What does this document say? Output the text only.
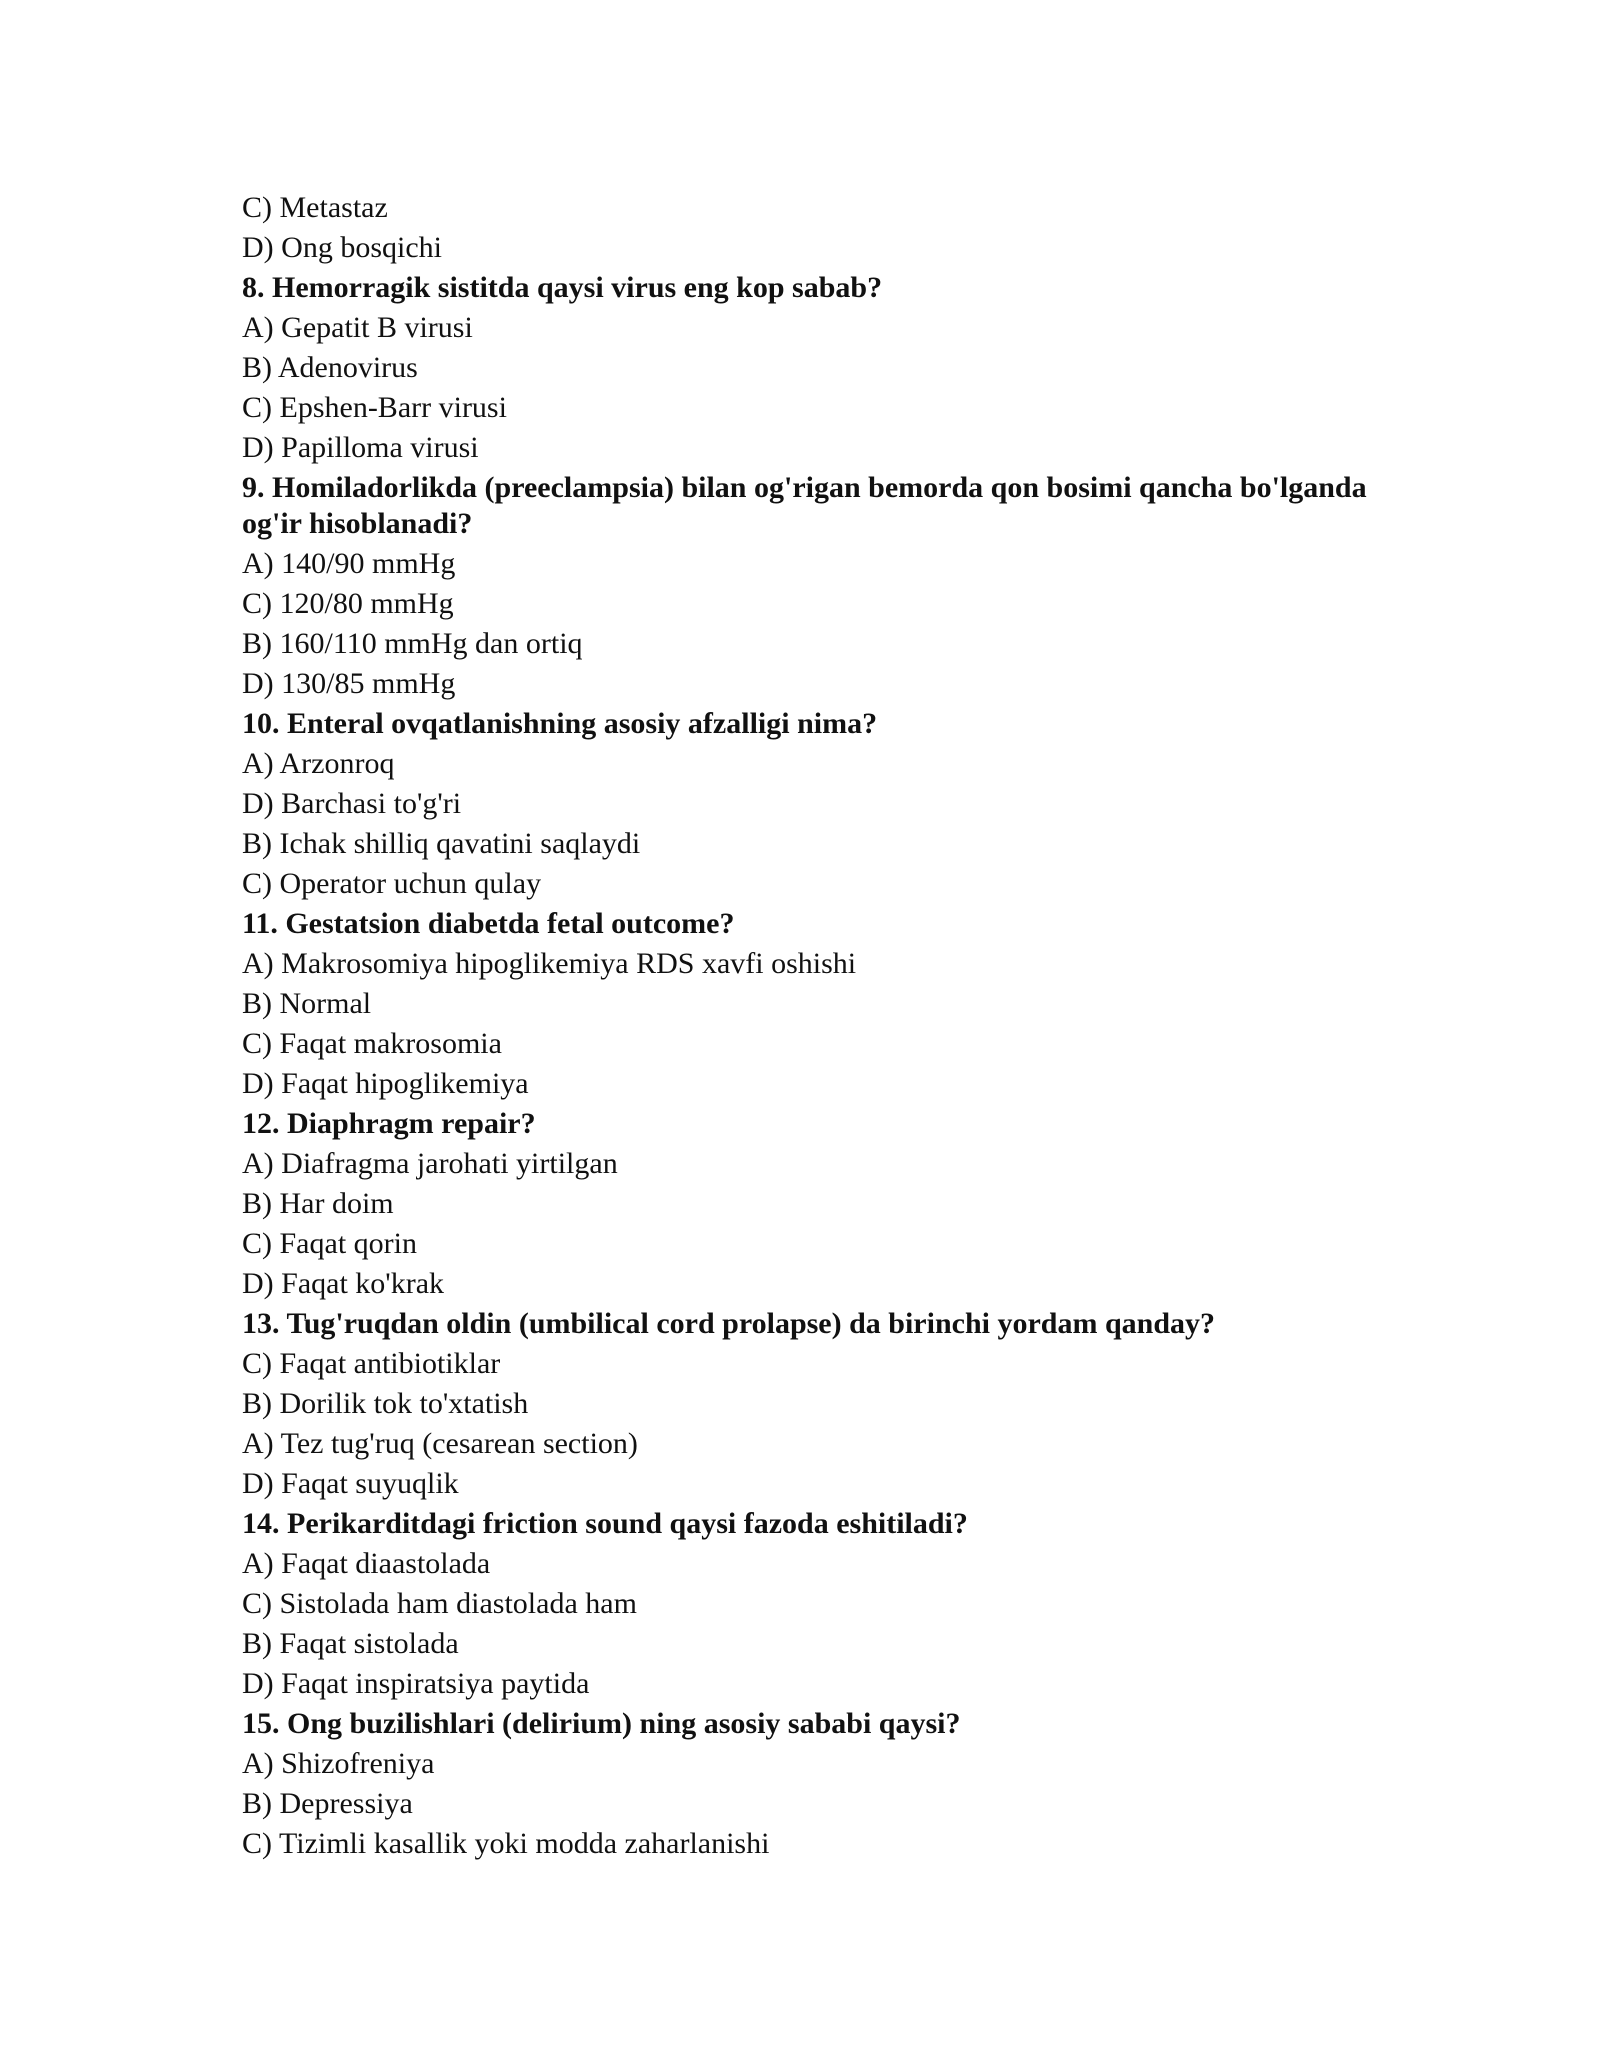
C) Metastaz
D) Ong bosqichi
8. Hemorragik sistitda qaysi virus eng kop sabab?
A) Gepatit B virusi
B) Adenovirus
C) Epshen-Barr virusi
D) Papilloma virusi
9. Homiladorlikda (preeclampsia) bilan og'rigan bemorda qon bosimi qancha bo'lganda og'ir hisoblanadi?
A) 140/90 mmHg
C) 120/80 mmHg
B) 160/110 mmHg dan ortiq
D) 130/85 mmHg
10. Enteral ovqatlanishning asosiy afzalligi nima?
A) Arzonroq
D) Barchasi to'g'ri
B) Ichak shilliq qavatini saqlaydi
C) Operator uchun qulay
11. Gestatsion diabetda fetal outcome?
A) Makrosomiya hipoglikemiya RDS xavfi oshishi
B) Normal
C) Faqat makrosomia
D) Faqat hipoglikemiya
12. Diaphragm repair?
A) Diafragma jarohati yirtilgan
B) Har doim
C) Faqat qorin
D) Faqat ko'krak
13. Tug'ruqdan oldin (umbilical cord prolapse) da birinchi yordam qanday?
C) Faqat antibiotiklar
B) Dorilik tok to'xtatish
A) Tez tug'ruq (cesarean section)
D) Faqat suyuqlik
14. Perikarditdagi friction sound qaysi fazoda eshitiladi?
A) Faqat diaastolada
C) Sistolada ham diastolada ham
B) Faqat sistolada
D) Faqat inspiratsiya paytida
15. Ong buzilishlari (delirium) ning asosiy sababi qaysi?
A) Shizofreniya
B) Depressiya
C) Tizimli kasallik yoki modda zaharlanishi
